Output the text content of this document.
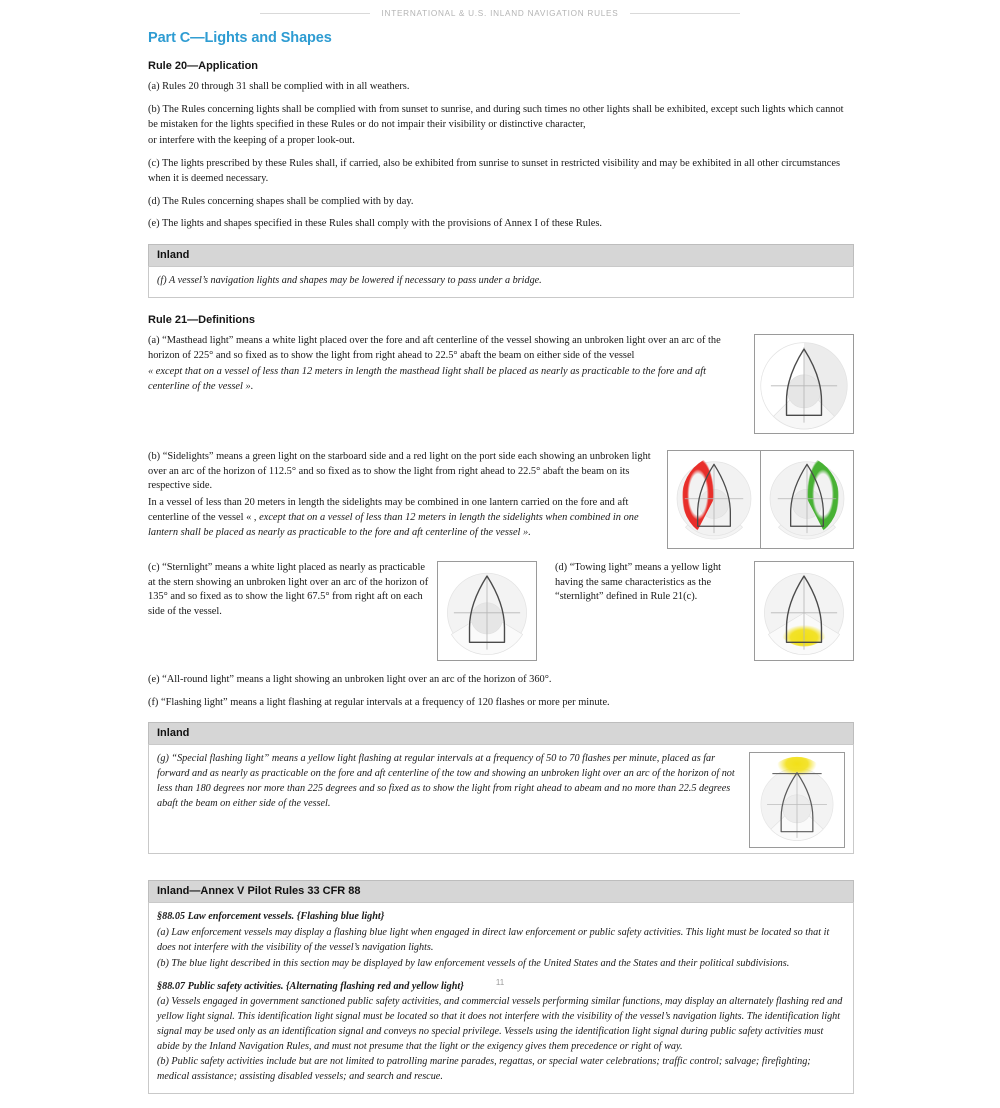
INTERNATIONAL & U.S. INLAND NAVIGATION RULES
Part C—Lights and Shapes
Rule 20—Application

(a) Rules 20 through 31 shall be complied with in all weathers.

(b) The Rules concerning lights shall be complied with from sunset to sunrise, and during such times no other lights shall be exhibited, except such lights which cannot be mistaken for the lights specified in these Rules or do not impair their visibility or distinctive character,

or interfere with the keeping of a proper look-out.

(c) The lights prescribed by these Rules shall, if carried, also be exhibited from sunrise to sunset in restricted visibility and may be exhibited in all other circumstances when it is deemed necessary.

(d) The Rules concerning shapes shall be complied with by day.

(e) The lights and shapes specified in these Rules shall comply with the provisions of Annex I of these Rules.

Inland

(f) A vessel’s navigation lights and shapes may be lowered if necessary to pass under a bridge.

Rule 21—Definitions

(a) “Masthead light” means a white light placed over the fore and aft centerline of the vessel showing an unbroken light over an arc of the horizon of 225° and so fixed as to show the light from right ahead to 22.5° abaft the beam on either side of the vessel

« except that on a vessel of less than 12 meters in length the masthead light shall be placed as nearly as practicable to the fore and aft centerline of the vessel ».

(b) “Sidelights” means a green light on the starboard side and a red light on the port side each showing an unbroken light over an arc of the horizon of 112.5° and so fixed as to show the light from right ahead to 22.5° abaft the beam on its respective side.

In a vessel of less than 20 meters in length the sidelights may be combined in one lantern carried on the fore and aft centerline of the vessel « , except that on a vessel of less than 12 meters in length the sidelights when combined in one lantern shall be placed as nearly as practicable to the fore and aft centerline of the vessel ».

(c) “Sternlight” means a white light placed as nearly as practicable at the stern showing an unbroken light over an arc of the horizon of 135° and so fixed as to show the light 67.5° from right aft on each side of the vessel.

(d) “Towing light” means a yellow light having the same characteristics as the “sternlight” defined in Rule 21(c).

(e) “All-round light” means a light showing an unbroken light over an arc of the horizon of 360°.

(f) “Flashing light” means a light flashing at regular intervals at a frequency of 120 flashes or more per minute.

Inland

(g) “Special flashing light” means a yellow light flashing at regular intervals at a frequency of 50 to 70 flashes per minute, placed as far forward and as nearly as practicable on the fore and aft centerline of the tow and showing an unbroken light over an arc of the horizon of not less than 180 degrees nor more than 225 degrees and so fixed as to show the light from right ahead to abeam and no more than 22.5 degrees abaft the beam on either side of the vessel.

Inland—Annex V Pilot Rules 33 CFR 88

§88.05 Law enforcement vessels. {Flashing blue light}

(a) Law enforcement vessels may display a flashing blue light when engaged in direct law enforcement or public safety activities. This light must be located so that it does not interfere with the visibility of the vessel’s navigation lights.

(b) The blue light described in this section may be displayed by law enforcement vessels of the United States and the States and their political subdivisions.

§88.07 Public safety activities. {Alternating flashing red and yellow light}

(a) Vessels engaged in government sanctioned public safety activities, and commercial vessels performing similar functions, may display an alternately flashing red and yellow light signal. This identification light signal must be located so that it does not interfere with the visibility of the vessel’s navigation lights. The identification light signal may be used only as an identification signal and conveys no special privilege. Vessels using the identification light signal during public safety activities must abide by the Inland Navigation Rules, and must not presume that the light or the exigency gives them precedence or right of way.

(b) Public safety activities include but are not limited to patrolling marine parades, regattas, or special water celebrations; traffic control; salvage; firefighting; medical assistance; assisting disabled vessels; and search and rescue.

11
